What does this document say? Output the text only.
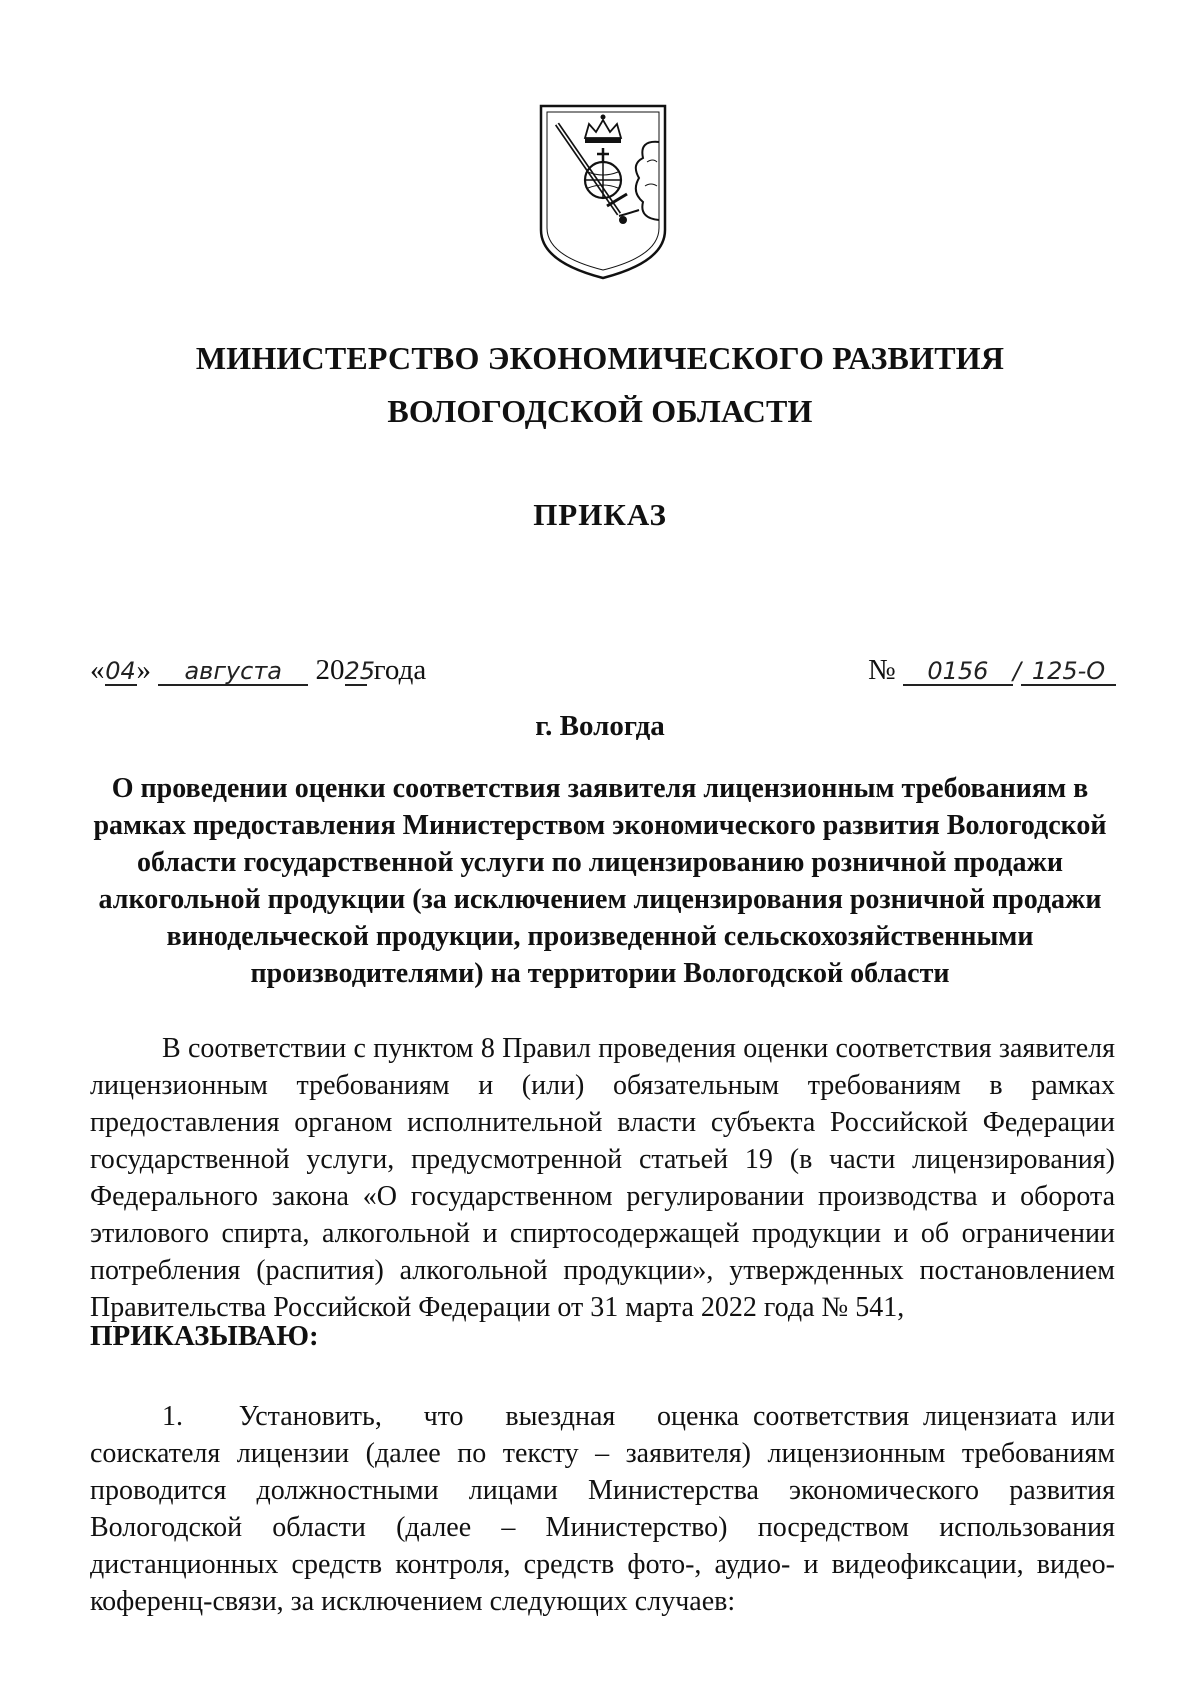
МИНИСТЕРСТВО ЭКОНОМИЧЕСКОГО РАЗВИТИЯ
ВОЛОГОДСКОЙ ОБЛАСТИ
ПРИКАЗ
«04» августа 2025 года	№ 0156 / 125-О
г. Вологда
О проведении оценки соответствия заявителя лицензионным требованиям в рамках предоставления Министерством экономического развития Вологодской области государственной услуги по лицензированию розничной продажи алкогольной продукции (за исключением лицензирования розничной продажи винодельческой продукции, произведенной сельскохозяйственными производителями) на территории Вологодской области
В соответствии с пунктом 8 Правил проведения оценки соответствия заявителя лицензионным требованиям и (или) обязательным требованиям в рамках предоставления органом исполнительной власти субъекта Российской Федерации государственной услуги, предусмотренной статьей 19 (в части лицензирования) Федерального закона «О государственном регулировании производства и оборота этилового спирта, алкогольной и спиртосодержащей продукции и об ограничении потребления (распития) алкогольной продукции», утвержденных постановлением Правительства Российской Федерации от 31 марта 2022 года № 541,
ПРИКАЗЫВАЮ:
1.    Установить,   что   выездная   оценка соответствия лицензиата или соискателя лицензии (далее по тексту – заявителя) лицензионным требованиям проводится должностными лицами Министерства экономического развития Вологодской области (далее – Министерство) посредством использования дистанционных средств контроля, средств фото-, аудио- и видеофиксации, видео-коференц-связи, за исключением следующих случаев:
